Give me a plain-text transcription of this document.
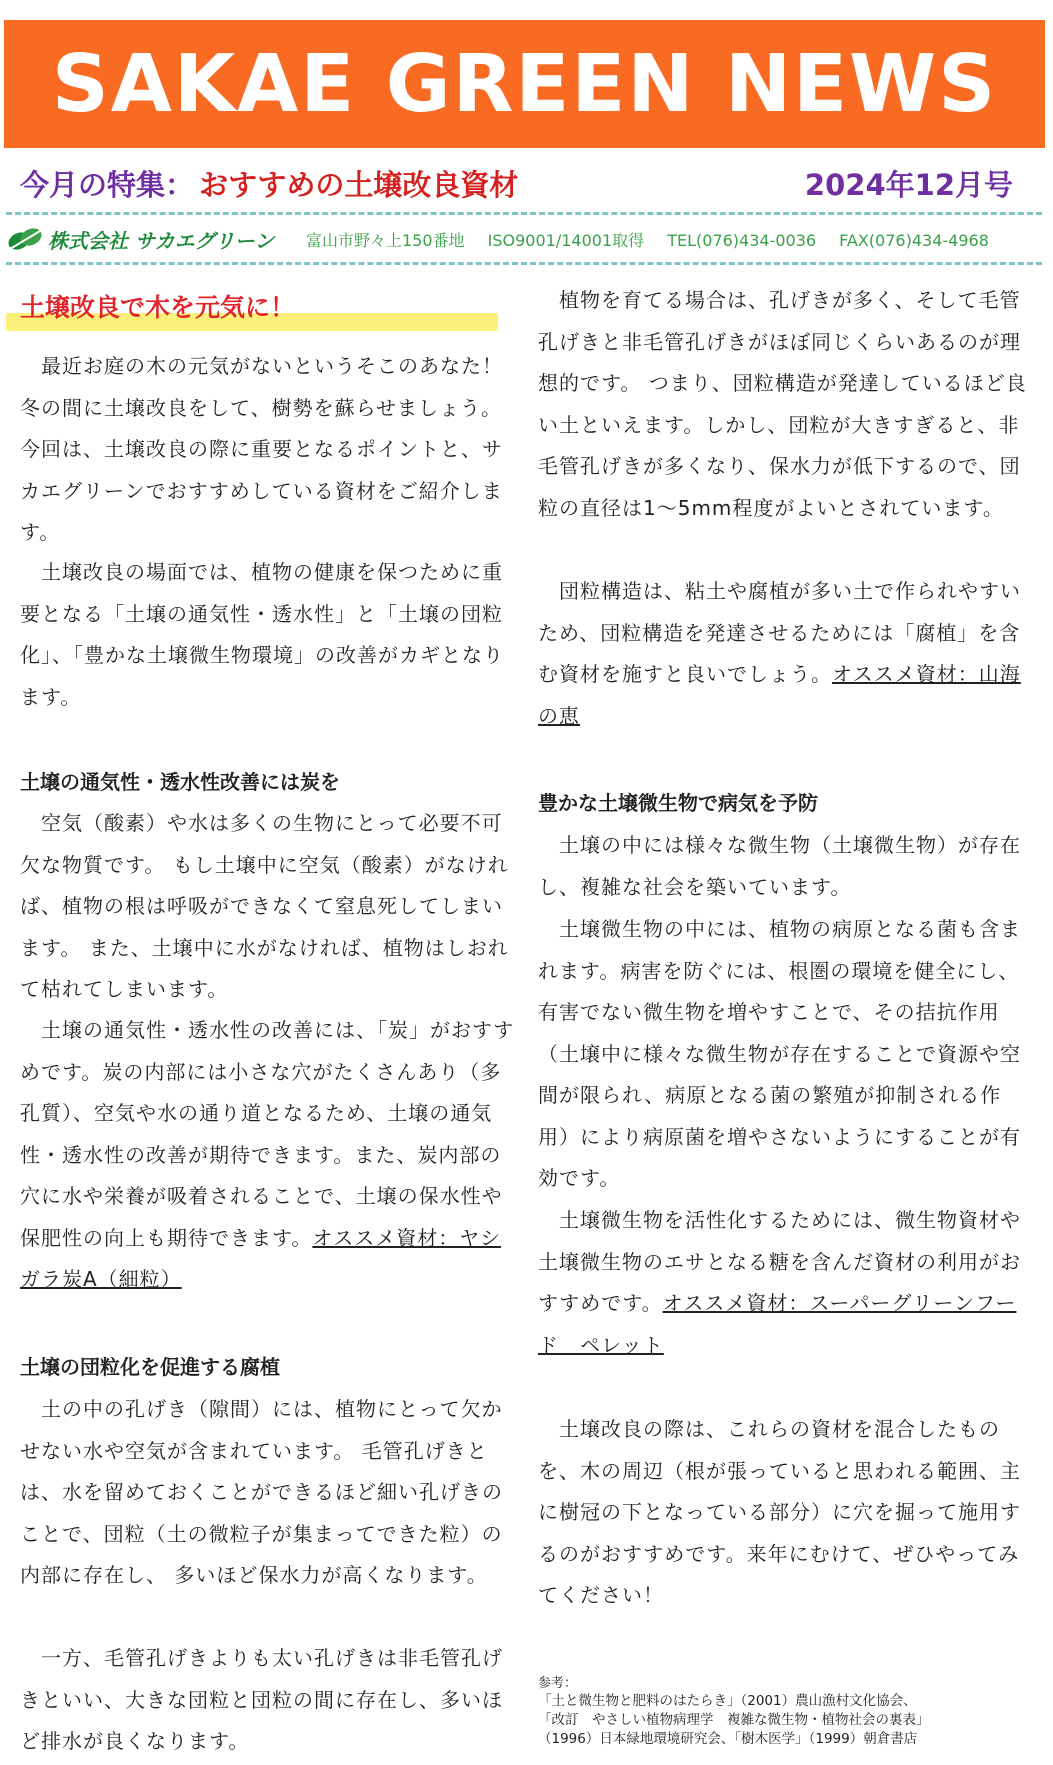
SAKAE GREEN NEWS
今月の特集： おすすめの土壌改良資材	2024年12月号
株式会社 サカエグリーン 富山市野々上150番地 ISO9001/14001取得 TEL(076)434-0036 FAX(076)434-4968
土壌改良で木を元気に！

　最近お庭の木の元気がないというそこのあなた！冬の間に土壌改良をして、樹勢を蘇らせましょう。今回は、土壌改良の際に重要となるポイントと、サカエグリーンでおすすめしている資材をご紹介します。

　土壌改良の場面では、植物の健康を保つために重要となる「土壌の通気性・透水性」と「土壌の団粒化」、「豊かな土壌微生物環境」の改善がカギとなります。

土壌の通気性・透水性改善には炭を

　空気（酸素）や水は多くの生物にとって必要不可欠な物質です。 もし土壌中に空気（酸素）がなければ、植物の根は呼吸ができなくて窒息死してしまいます。 また、土壌中に水がなければ、植物はしおれて枯れてしまいます。

　土壌の通気性・透水性の改善には、「炭」がおすすめです。炭の内部には小さな穴がたくさんあり（多孔質）、空気や水の通り道となるため、土壌の通気性・透水性の改善が期待できます。また、炭内部の穴に水や栄養が吸着されることで、土壌の保水性や保肥性の向上も期待できます。オススメ資材：ヤシガラ炭A（細粒）

土壌の団粒化を促進する腐植

　土の中の孔げき（隙間）には、植物にとって欠かせない水や空気が含まれています。 毛管孔げきとは、水を留めておくことができるほど細い孔げきのことで、団粒（土の微粒子が集まってできた粒）の内部に存在し、 多いほど保水力が高くなります。

　一方、毛管孔げきよりも太い孔げきは非毛管孔げきといい、大きな団粒と団粒の間に存在し、多いほど排水が良くなります。

　植物を育てる場合は、孔げきが多く、そして毛管孔げきと非毛管孔げきがほぼ同じくらいあるのが理想的です。 つまり、団粒構造が発達しているほど良い土といえます。しかし、団粒が大きすぎると、非毛管孔げきが多くなり、保水力が低下するので、団粒の直径は1〜5mm程度がよいとされています。

　団粒構造は、粘土や腐植が多い土で作られやすいため、団粒構造を発達させるためには「腐植」を含む資材を施すと良いでしょう。オススメ資材：山海の恵

豊かな土壌微生物で病気を予防

　土壌の中には様々な微生物（土壌微生物）が存在し、複雑な社会を築いています。

　土壌微生物の中には、植物の病原となる菌も含まれます。病害を防ぐには、根圏の環境を健全にし、有害でない微生物を増やすことで、その拮抗作用（土壌中に様々な微生物が存在することで資源や空間が限られ、病原となる菌の繁殖が抑制される作用）により病原菌を増やさないようにすることが有効です。

　土壌微生物を活性化するためには、微生物資材や土壌微生物のエサとなる糖を含んだ資材の利用がおすすめです。オススメ資材：スーパーグリーンフード　ペレット

　土壌改良の際は、これらの資材を混合したものを、木の周辺（根が張っていると思われる範囲、主に樹冠の下となっている部分）に穴を掘って施用するのがおすすめです。来年にむけて、ぜひやってみてください！

参考：
「土と微生物と肥料のはたらき」（2001）農山漁村文化協会、
「改訂　やさしい植物病理学　複雑な微生物・植物社会の裏表」
（1996）日本緑地環境研究会、「樹木医学」（1999）朝倉書店
